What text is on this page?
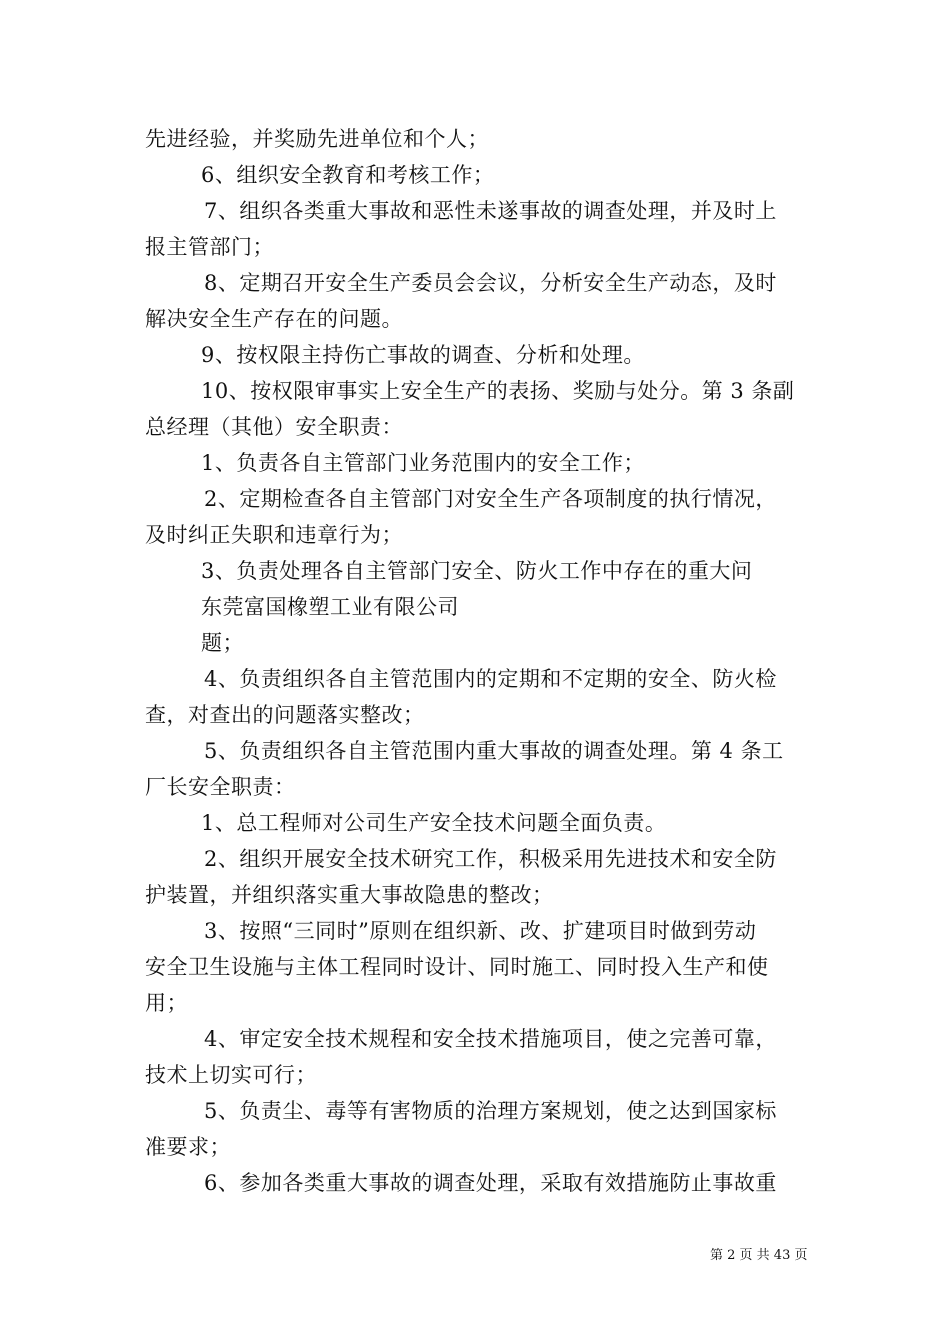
先进经验，并奖励先进单位和个人；
6、组织安全教育和考核工作；
7、组织各类重大事故和恶性未遂事故的调查处理，并及时上
报主管部门；
8、定期召开安全生产委员会会议，分析安全生产动态，及时
解决安全生产存在的问题。
9、按权限主持伤亡事故的调查、分析和处理。
10、按权限审事实上安全生产的表扬、奖励与处分。第 3 条副
总经理（其他）安全职责：
1、负责各自主管部门业务范围内的安全工作；
2、定期检查各自主管部门对安全生产各项制度的执行情况，
及时纠正失职和违章行为；
3、负责处理各自主管部门安全、防火工作中存在的重大问
东莞富国橡塑工业有限公司
题；
4、负责组织各自主管范围内的定期和不定期的安全、防火检
查，对查出的问题落实整改；
5、负责组织各自主管范围内重大事故的调查处理。第 4 条工
厂长安全职责：
1、总工程师对公司生产安全技术问题全面负责。
2、组织开展安全技术研究工作，积极采用先进技术和安全防
护装置，并组织落实重大事故隐患的整改；
3、按照“三同时”原则在组织新、改、扩建项目时做到劳动
安全卫生设施与主体工程同时设计、同时施工、同时投入生产和使
用；
4、审定安全技术规程和安全技术措施项目，使之完善可靠，
技术上切实可行；
5、负责尘、毒等有害物质的治理方案规划，使之达到国家标
准要求；
6、参加各类重大事故的调查处理，采取有效措施防止事故重
第 2 页 共 43 页
